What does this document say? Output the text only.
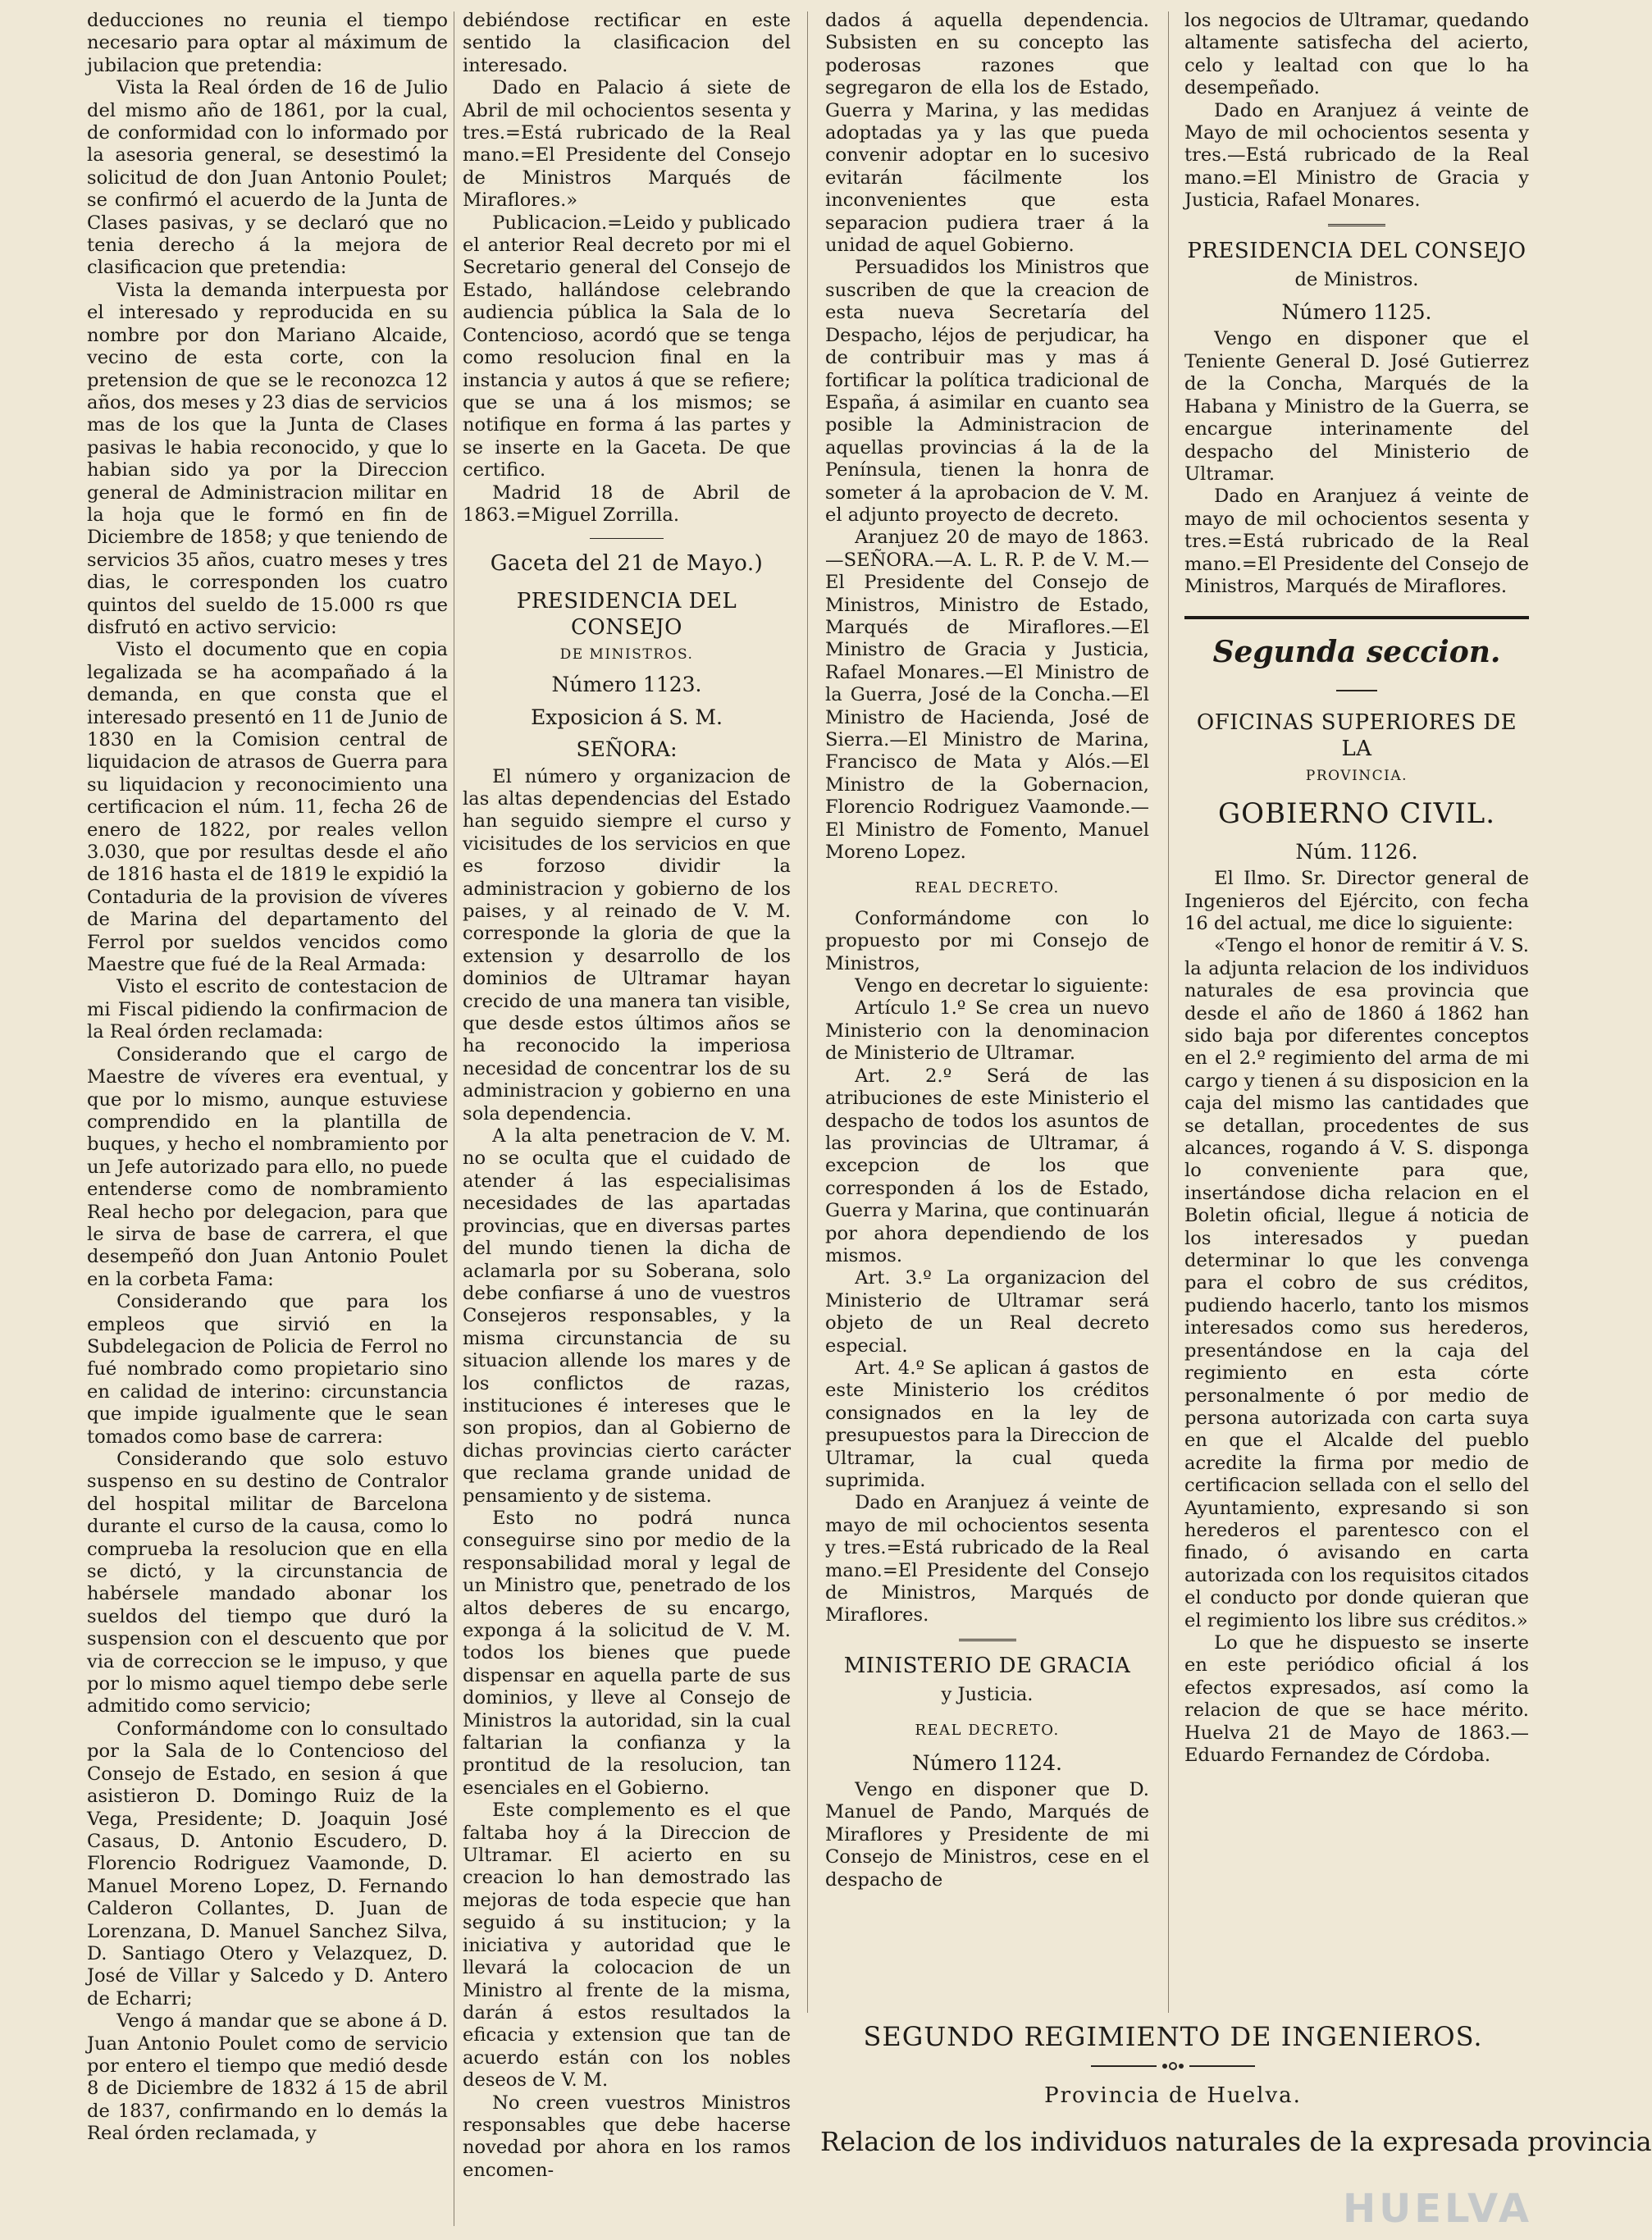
deducciones no reunia el tiempo necesario para optar al máximum de jubilacion que pretendia:

Vista la Real órden de 16 de Julio del mismo año de 1861, por la cual, de conformidad con lo informado por la asesoria general, se desestimó la solicitud de don Juan Antonio Poulet; se confirmó el acuerdo de la Junta de Clases pasivas, y se declaró que no tenia derecho á la mejora de clasificacion que pretendia:

Vista la demanda interpuesta por el interesado y reproducida en su nombre por don Mariano Alcaide, vecino de esta corte, con la pretension de que se le reconozca 12 años, dos meses y 23 dias de servicios mas de los que la Junta de Clases pasivas le habia reconocido, y que lo habian sido ya por la Direccion general de Administracion militar en la hoja que le formó en fin de Diciembre de 1858; y que teniendo de servicios 35 años, cuatro meses y tres dias, le corresponden los cuatro quintos del sueldo de 15.000 rs que disfrutó en activo servicio:

Visto el documento que en copia legalizada se ha acompañado á la demanda, en que consta que el interesado presentó en 11 de Junio de 1830 en la Comision central de liquidacion de atrasos de Guerra para su liquidacion y reconocimiento una certificacion el núm. 11, fecha 26 de enero de 1822, por reales vellon 3.030, que por resultas desde el año de 1816 hasta el de 1819 le expidió la Contaduria de la provision de víveres de Marina del departamento del Ferrol por sueldos vencidos como Maestre que fué de la Real Armada:

Visto el escrito de contestacion de mi Fiscal pidiendo la confirmacion de la Real órden reclamada:

Considerando que el cargo de Maestre de víveres era eventual, y que por lo mismo, aunque estuviese comprendido en la plantilla de buques, y hecho el nombramiento por un Jefe autorizado para ello, no puede entenderse como de nombramiento Real hecho por delegacion, para que le sirva de base de carrera, el que desempeñó don Juan Antonio Poulet en la corbeta Fama:

Considerando que para los empleos que sirvió en la Subdelegacion de Policia de Ferrol no fué nombrado como propietario sino en calidad de interino: circunstancia que impide igualmente que le sean tomados como base de carrera:

Considerando que solo estuvo suspenso en su destino de Contralor del hospital militar de Barcelona durante el curso de la causa, como lo comprueba la resolucion que en ella se dictó, y la circunstancia de habérsele mandado abonar los sueldos del tiempo que duró la suspension con el descuento que por via de correccion se le impuso, y que por lo mismo aquel tiempo debe serle admitido como servicio;

Conformándome con lo consultado por la Sala de lo Contencioso del Consejo de Estado, en sesion á que asistieron D. Domingo Ruiz de la Vega, Presidente; D. Joaquin José Casaus, D. Antonio Escudero, D. Florencio Rodriguez Vaamonde, D. Manuel Moreno Lopez, D. Fernando Calderon Collantes, D. Juan de Lorenzana, D. Manuel Sanchez Silva, D. Santiago Otero y Velazquez, D. José de Villar y Salcedo y D. Antero de Echarri;

Vengo á mandar que se abone á D. Juan Antonio Poulet como de servicio por entero el tiempo que medió desde 8 de Diciembre de 1832 á 15 de abril de 1837, confirmando en lo demás la Real órden reclamada, y

debiéndose rectificar en este sentido la clasificacion del interesado.

Dado en Palacio á siete de Abril de mil ochocientos sesenta y tres.=Está rubricado de la Real mano.=El Presidente del Consejo de Ministros Marqués de Miraflores.»

Publicacion.=Leido y publicado el anterior Real decreto por mi el Secretario general del Consejo de Estado, hallándose celebrando audiencia pública la Sala de lo Contencioso, acordó que se tenga como resolucion final en la instancia y autos á que se refiere; que se una á los mismos; se notifique en forma á las partes y se inserte en la Gaceta. De que certifico.

Madrid 18 de Abril de 1863.=Miguel Zorrilla.

Gaceta del 21 de Mayo.)
PRESIDENCIA DEL CONSEJO
DE MINISTROS.
Número 1123.
Exposicion á S. M.
SEÑORA:

El número y organizacion de las altas dependencias del Estado han seguido siempre el curso y vicisitudes de los servicios en que es forzoso dividir la administracion y gobierno de los paises, y al reinado de V. M. corresponde la gloria de que la extension y desarrollo de los dominios de Ultramar hayan crecido de una manera tan visible, que desde estos últimos años se ha reconocido la imperiosa necesidad de concentrar los de su administracion y gobierno en una sola dependencia.

A la alta penetracion de V. M. no se oculta que el cuidado de atender á las especialisimas necesidades de las apartadas provincias, que en diversas partes del mundo tienen la dicha de aclamarla por su Soberana, solo debe confiarse á uno de vuestros Consejeros responsables, y la misma circunstancia de su situacion allende los mares y de los conflictos de razas, instituciones é intereses que le son propios, dan al Gobierno de dichas provincias cierto carácter que reclama grande unidad de pensamiento y de sistema.

Esto no podrá nunca conseguirse sino por medio de la responsabilidad moral y legal de un Ministro que, penetrado de los altos deberes de su encargo, exponga á la solicitud de V. M. todos los bienes que puede dispensar en aquella parte de sus dominios, y lleve al Consejo de Ministros la autoridad, sin la cual faltarian la confianza y la prontitud de la resolucion, tan esenciales en el Gobierno.

Este complemento es el que faltaba hoy á la Direccion de Ultramar. El acierto en su creacion lo han demostrado las mejoras de toda especie que han seguido á su institucion; y la iniciativa y autoridad que le llevará la colocacion de un Ministro al frente de la misma, darán á estos resultados la eficacia y extension que tan de acuerdo están con los nobles deseos de V. M.

No creen vuestros Ministros responsables que debe hacerse novedad por ahora en los ramos encomen-

dados á aquella dependencia. Subsisten en su concepto las poderosas razones que segregaron de ella los de Estado, Guerra y Marina, y las medidas adoptadas ya y las que pueda convenir adoptar en lo sucesivo evitarán fácilmente los inconvenientes que esta separacion pudiera traer á la unidad de aquel Gobierno.

Persuadidos los Ministros que suscriben de que la creacion de esta nueva Secretaría del Despacho, léjos de perjudicar, ha de contribuir mas y mas á fortificar la política tradicional de España, á asimilar en cuanto sea posible la Administracion de aquellas provincias á la de la Península, tienen la honra de someter á la aprobacion de V. M. el adjunto proyecto de decreto.

Aranjuez 20 de mayo de 1863.—SEÑORA.—A. L. R. P. de V. M.—El Presidente del Consejo de Ministros, Ministro de Estado, Marqués de Miraflores.—El Ministro de Gracia y Justicia, Rafael Monares.—El Ministro de la Guerra, José de la Concha.—El Ministro de Hacienda, José de Sierra.—El Ministro de Marina, Francisco de Mata y Alós.—El Ministro de la Gobernacion, Florencio Rodriguez Vaamonde.—El Ministro de Fomento, Manuel Moreno Lopez.

REAL DECRETO.

Conformándome con lo propuesto por mi Consejo de Ministros,

Vengo en decretar lo siguiente:

Artículo 1.º Se crea un nuevo Ministerio con la denominacion de Ministerio de Ultramar.

Art. 2.º Será de las atribuciones de este Ministerio el despacho de todos los asuntos de las provincias de Ultramar, á excepcion de los que corresponden á los de Estado, Guerra y Marina, que continuarán por ahora dependiendo de los mismos.

Art. 3.º La organizacion del Ministerio de Ultramar será objeto de un Real decreto especial.

Art. 4.º Se aplican á gastos de este Ministerio los créditos consignados en la ley de presupuestos para la Direccion de Ultramar, la cual queda suprimida.

Dado en Aranjuez á veinte de mayo de mil ochocientos sesenta y tres.=Está rubricado de la Real mano.=El Presidente del Consejo de Ministros, Marqués de Miraflores.

MINISTERIO DE GRACIA
y Justicia.
REAL DECRETO.
Número 1124.

Vengo en disponer que D. Manuel de Pando, Marqués de Miraflores y Presidente de mi Consejo de Ministros, cese en el despacho de

los negocios de Ultramar, quedando altamente satisfecha del acierto, celo y lealtad con que lo ha desempeñado.

Dado en Aranjuez á veinte de Mayo de mil ochocientos sesenta y tres.—Está rubricado de la Real mano.=El Ministro de Gracia y Justicia, Rafael Monares.

PRESIDENCIA DEL CONSEJO
de Ministros.
Número 1125.

Vengo en disponer que el Teniente General D. José Gutierrez de la Concha, Marqués de la Habana y Ministro de la Guerra, se encargue interinamente del despacho del Ministerio de Ultramar.

Dado en Aranjuez á veinte de mayo de mil ochocientos sesenta y tres.=Está rubricado de la Real mano.=El Presidente del Consejo de Ministros, Marqués de Miraflores.

Segunda seccion.
OFICINAS SUPERIORES DE LA
PROVINCIA.
GOBIERNO CIVIL.
Núm. 1126.

El Ilmo. Sr. Director general de Ingenieros del Ejército, con fecha 16 del actual, me dice lo siguiente:

«Tengo el honor de remitir á V. S. la adjunta relacion de los individuos naturales de esa provincia que desde el año de 1860 á 1862 han sido baja por diferentes conceptos en el 2.º regimiento del arma de mi cargo y tienen á su disposicion en la caja del mismo las cantidades que se detallan, procedentes de sus alcances, rogando á V. S. disponga lo conveniente para que, insertándose dicha relacion en el Boletin oficial, llegue á noticia de los interesados y puedan determinar lo que les convenga para el cobro de sus créditos, pudiendo hacerlo, tanto los mismos interesados como sus herederos, presentándose en la caja del regimiento en esta córte personalmente ó por medio de persona autorizada con carta suya en que el Alcalde del pueblo acredite la firma por medio de certificacion sellada con el sello del Ayuntamiento, expresando si son herederos el parentesco con el finado, ó avisando en carta autorizada con los requisitos citados el conducto por donde quieran que el regimiento los libre sus créditos.»

Lo que he dispuesto se inserte en este periódico oficial á los efectos expresados, así como la relacion de que se hace mérito. Huelva 21 de Mayo de 1863.—Eduardo Fernandez de Córdoba.

SEGUNDO REGIMIENTO DE INGENIEROS.
Provincia de Huelva.
Relacion de los individuos naturales de la expresada provincia
HUELVA
